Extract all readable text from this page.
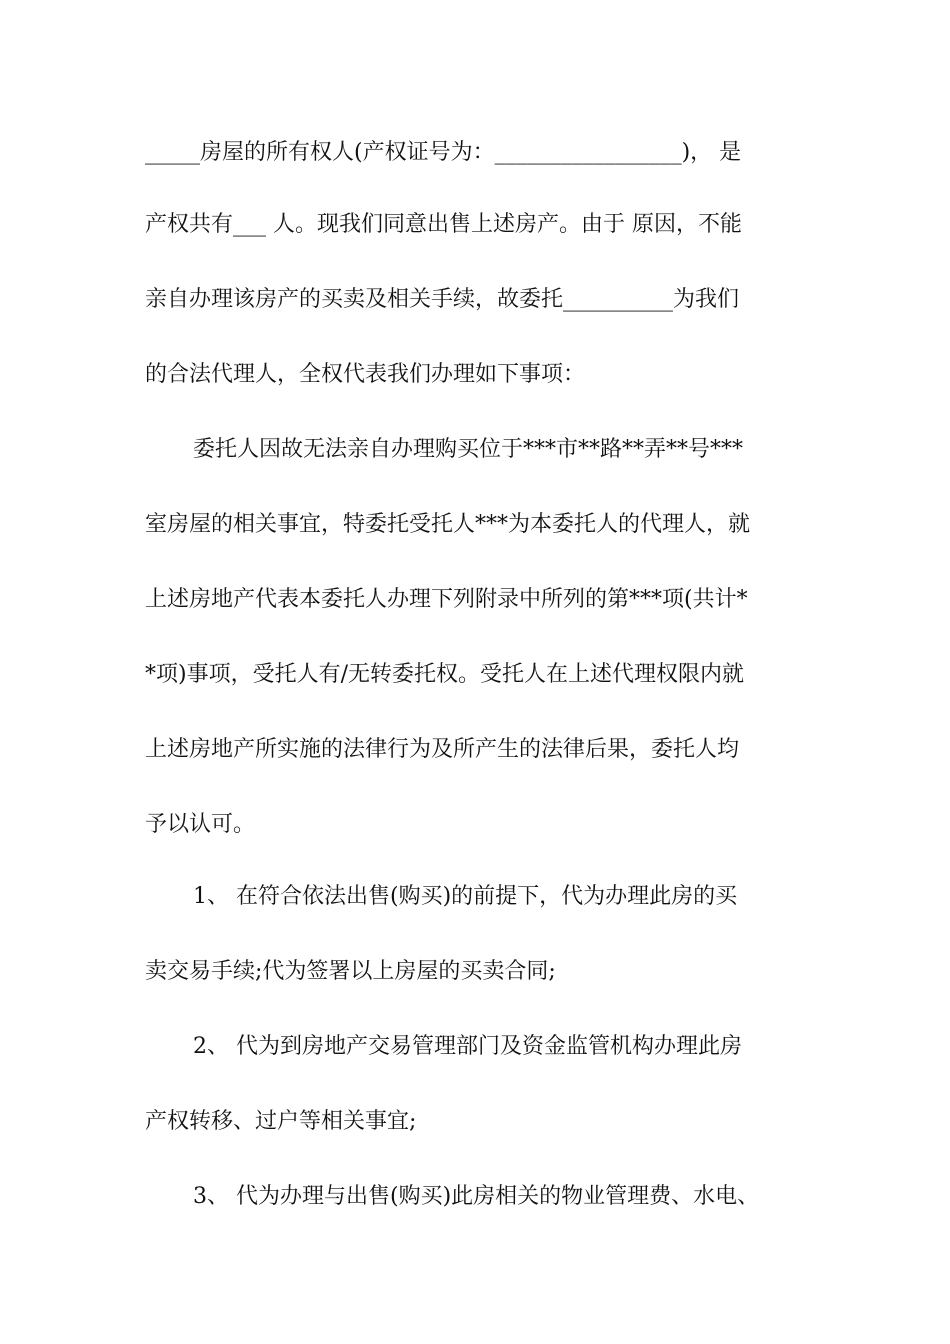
_____房屋的所有权人(产权证号为：_________________)， 是
产权共有___ 人。现我们同意出售上述房产。由于 原因，不能
亲自办理该房产的买卖及相关手续，故委托__________为我们
的合法代理人，全权代表我们办理如下事项：
委托人因故无法亲自办理购买位于***市**路**弄**号***
室房屋的相关事宜，特委托受托人***为本委托人的代理人，就
上述房地产代表本委托人办理下列附录中所列的第***项(共计*
*项)事项，受托人有/无转委托权。受托人在上述代理权限内就
上述房地产所实施的法律行为及所产生的法律后果，委托人均
予以认可。
1、 在符合依法出售(购买)的前提下，代为办理此房的买
卖交易手续;代为签署以上房屋的买卖合同;
2、 代为到房地产交易管理部门及资金监管机构办理此房
产权转移、过户等相关事宜;
3、 代为办理与出售(购买)此房相关的物业管理费、水电、
